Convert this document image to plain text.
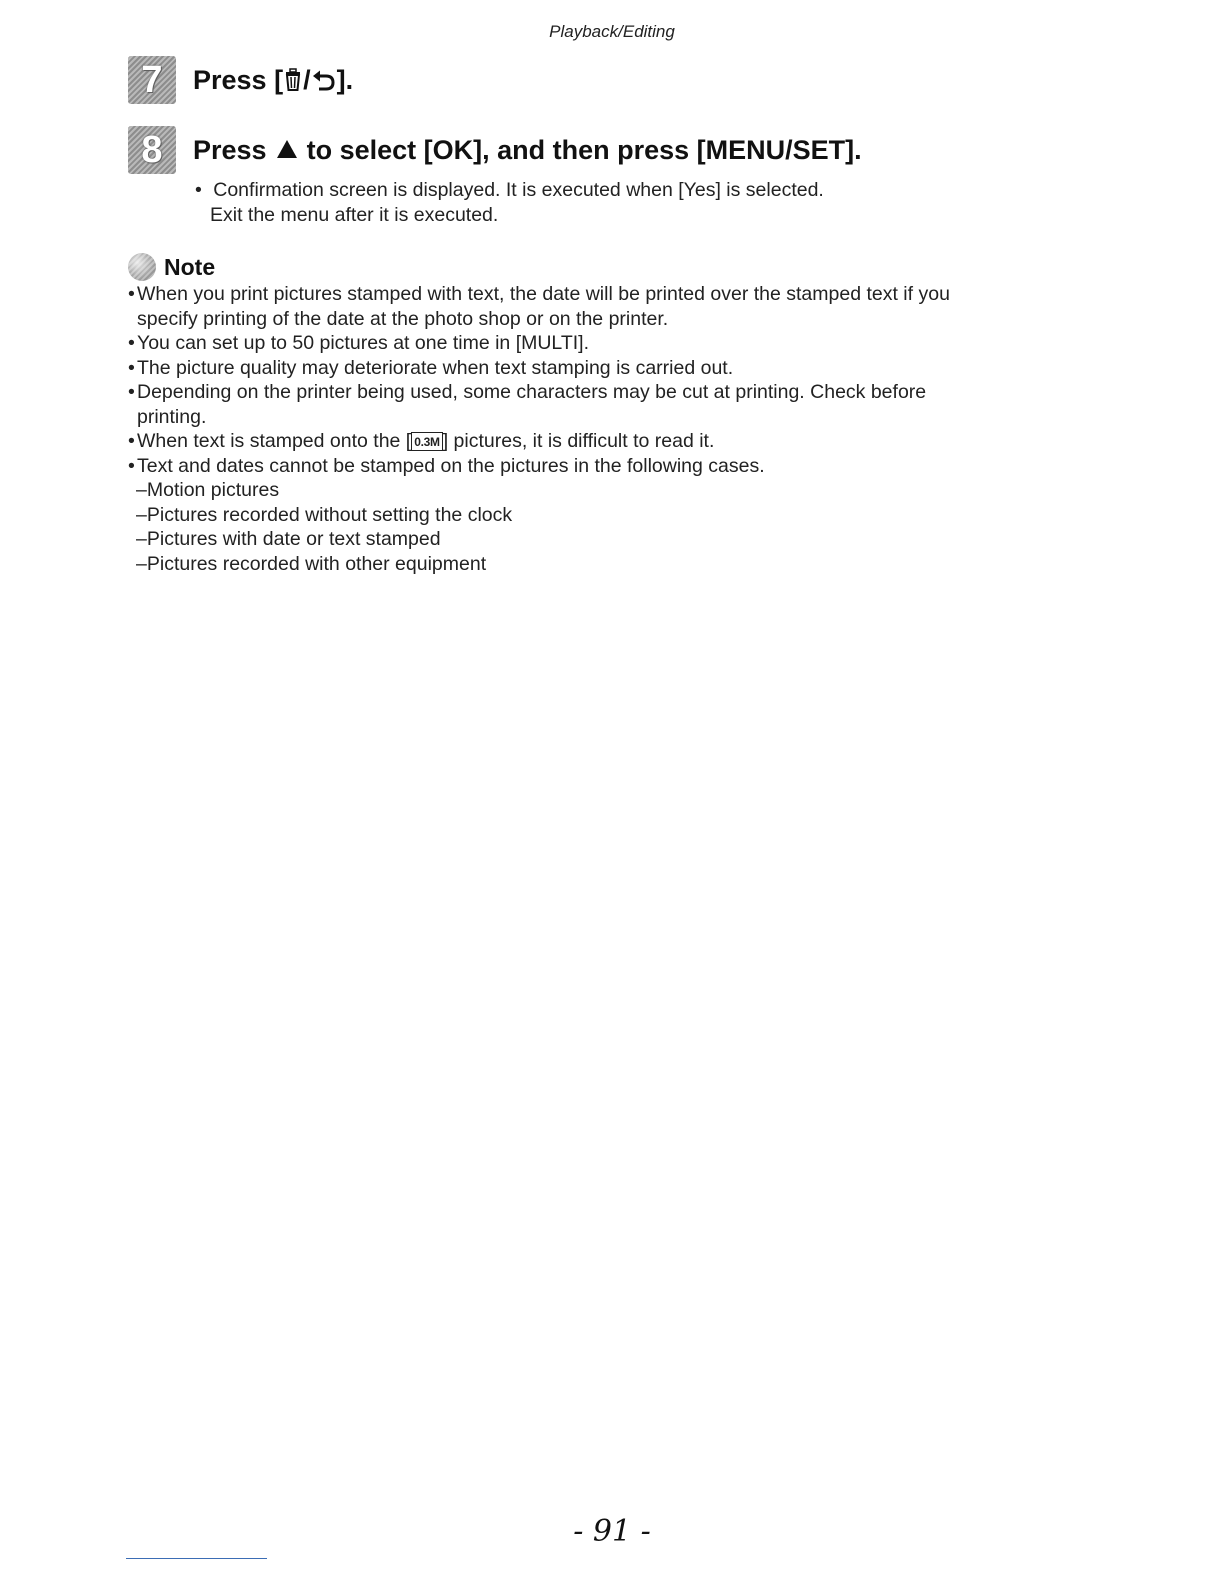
Playback/Editing
7	Press [ / ].
8	Press to select [OK], and then press [MENU/SET].
• Confirmation screen is displayed. It is executed when [Yes] is selected.
Exit the menu after it is executed.
Note
• When you print pictures stamped with text, the date will be printed over the stamped text if you
specify printing of the date at the photo shop or on the printer.
• You can set up to 50 pictures at one time in [MULTI].
• The picture quality may deteriorate when text stamping is carried out.
• Depending on the printer being used, some characters may be cut at printing. Check before
printing.
• When text is stamped onto the [ 0.3M ] pictures, it is difficult to read it.
• Text and dates cannot be stamped on the pictures in the following cases.
–Motion pictures
–Pictures recorded without setting the clock
–Pictures with date or text stamped
–Pictures recorded with other equipment
- 91 -
